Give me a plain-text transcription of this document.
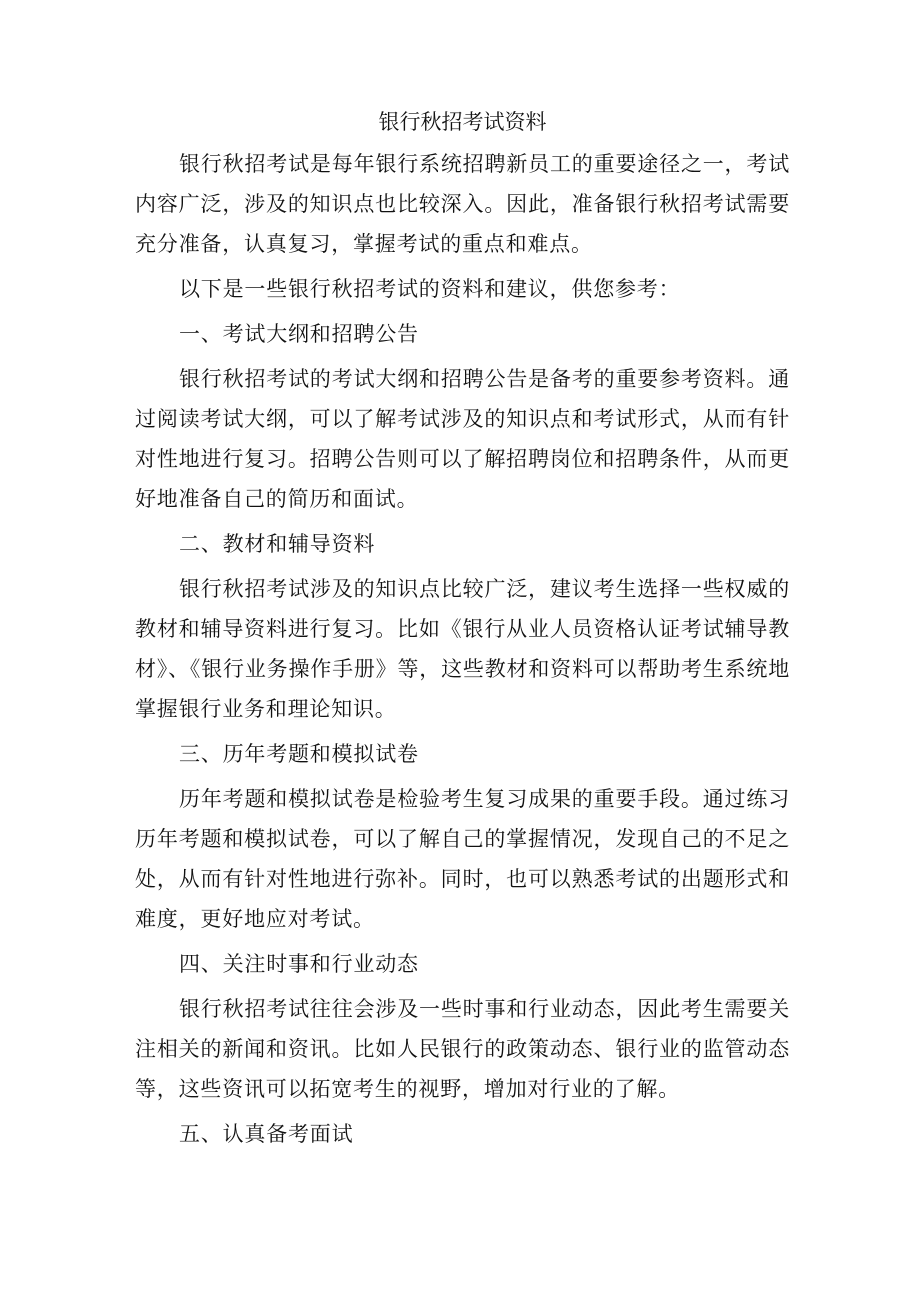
银行秋招考试资料

银行秋招考试是每年银行系统招聘新员工的重要途径之一，考试内容广泛，涉及的知识点也比较深入。因此，准备银行秋招考试需要充分准备，认真复习，掌握考试的重点和难点。

以下是一些银行秋招考试的资料和建议，供您参考：

一、考试大纲和招聘公告

银行秋招考试的考试大纲和招聘公告是备考的重要参考资料。通过阅读考试大纲，可以了解考试涉及的知识点和考试形式，从而有针对性地进行复习。招聘公告则可以了解招聘岗位和招聘条件，从而更好地准备自己的简历和面试。

二、教材和辅导资料

银行秋招考试涉及的知识点比较广泛，建议考生选择一些权威的教材和辅导资料进行复习。比如《银行从业人员资格认证考试辅导教材》、《银行业务操作手册》等，这些教材和资料可以帮助考生系统地掌握银行业务和理论知识。

三、历年考题和模拟试卷

历年考题和模拟试卷是检验考生复习成果的重要手段。通过练习历年考题和模拟试卷，可以了解自己的掌握情况，发现自己的不足之处，从而有针对性地进行弥补。同时，也可以熟悉考试的出题形式和难度，更好地应对考试。

四、关注时事和行业动态

银行秋招考试往往会涉及一些时事和行业动态，因此考生需要关注相关的新闻和资讯。比如人民银行的政策动态、银行业的监管动态等，这些资讯可以拓宽考生的视野，增加对行业的了解。

五、认真备考面试
